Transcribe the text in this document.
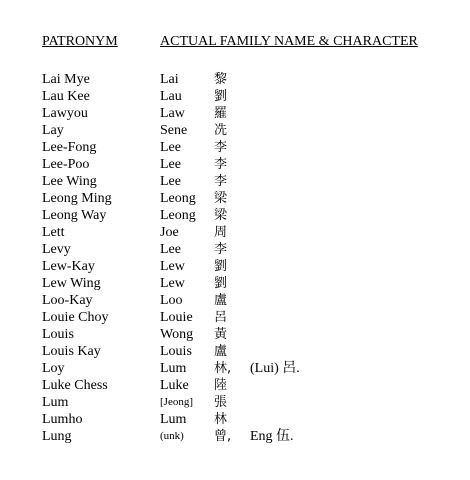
PATRONYM	ACTUAL FAMILY NAME & CHARACTER
Lai Mye	Lai	黎
Lau Kee	Lau 劉
Lawyou	Law 羅
Lay	Sene 冼
Lee-Fong	Lee	李
Lee-Poo	Lee	李
Lee Wing	Lee	李
Leong Ming	Leong 梁
Leong Way	Leong 梁
Lett	Joe	周
Levy	Lee	李
Lew-Kay	Lew 劉
Lew Wing	Lew 劉
Loo-Kay	Loo 盧
Louie Choy	Louie 呂
Louis	Wong 黃
Louis Kay	Louis 盧
Loy	Lum 林, (Lui) 呂.
Luke Chess	Luke 陸
Lum	[Jeong] 張
Lumho	Lum 林
Lung	(unk) 曾, Eng 伍.
